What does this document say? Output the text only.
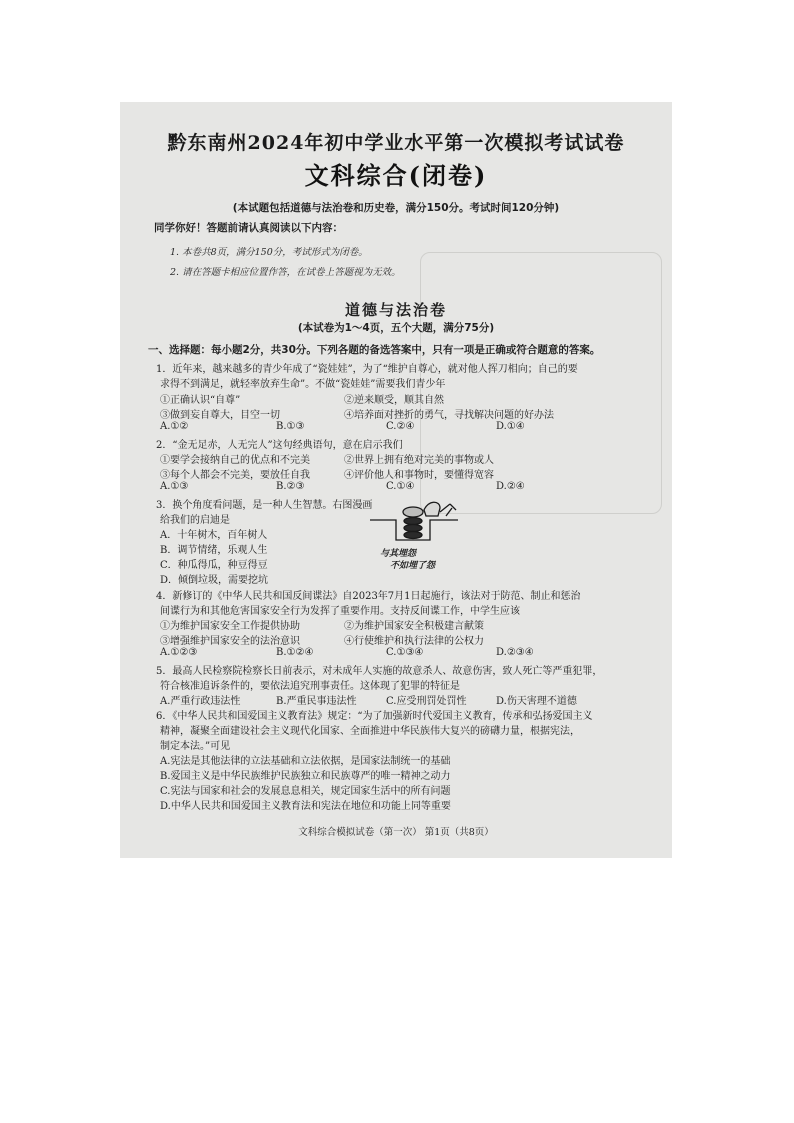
黔东南州2024年初中学业水平第一次模拟考试试卷
文科综合(闭卷)
(本试题包括道德与法治卷和历史卷，满分150分。考试时间120分钟)
同学你好！答题前请认真阅读以下内容：
1. 本卷共8页，满分150分，考试形式为闭卷。
2. 请在答题卡相应位置作答，在试卷上答题视为无效。
道德与法治卷
(本试卷为1～4页，五个大题，满分75分)
一、选择题：每小题2分，共30分。下列各题的备选答案中，只有一项是正确或符合题意的答案。
1．近年来，越来越多的青少年成了“瓷娃娃”，为了“维护自尊心，就对他人挥刀相向；自己的要
求得不到满足，就轻率放弃生命”。不做“瓷娃娃”需要我们青少年
①正确认识“自尊”	②逆来顺受，顺其自然
③做到妄自尊大，目空一切	④培养面对挫折的勇气，寻找解决问题的好办法
A.①②	B.①③	C.②④	D.①④
2．“金无足赤，人无完人”这句经典语句，意在启示我们
①要学会接纳自己的优点和不完美	②世界上拥有绝对完美的事物或人
③每个人都会不完美，要放任自我	④评价他人和事物时，要懂得宽容
A.①③	B.②③	C.①④	D.②④
3．换个角度看问题，是一种人生智慧。右图漫画
给我们的启迪是
A．十年树木，百年树人
B．调节情绪，乐观人生
C．种瓜得瓜，种豆得豆
D．倾倒垃圾，需要挖坑
与其埋怨
不如埋了怨
4．新修订的《中华人民共和国反间谍法》自2023年7月1日起施行，该法对于防范、制止和惩治
间谍行为和其他危害国家安全行为发挥了重要作用。支持反间谍工作，中学生应该
①为维护国家安全工作提供协助	②为维护国家安全积极建言献策
③增强维护国家安全的法治意识	④行使维护和执行法律的公权力
A.①②③	B.①②④	C.①③④	D.②③④
5．最高人民检察院检察长日前表示，对未成年人实施的故意杀人、故意伤害，致人死亡等严重犯罪，
符合核准追诉条件的，要依法追究刑事责任。这体现了犯罪的特征是
A.严重行政违法性	B.严重民事违法性	C.应受刑罚处罚性	D.伤天害理不道德
6．《中华人民共和国爱国主义教育法》规定：“为了加强新时代爱国主义教育，传承和弘扬爱国主义
精神，凝聚全面建设社会主义现代化国家、全面推进中华民族伟大复兴的磅礴力量，根据宪法，
制定本法。”可见
A.宪法是其他法律的立法基础和立法依据，是国家法制统一的基础
B.爱国主义是中华民族维护民族独立和民族尊严的唯一精神之动力
C.宪法与国家和社会的发展息息相关，规定国家生活中的所有问题
D.中华人民共和国爱国主义教育法和宪法在地位和功能上同等重要
文科综合模拟试卷（第一次） 第1页（共8页）
